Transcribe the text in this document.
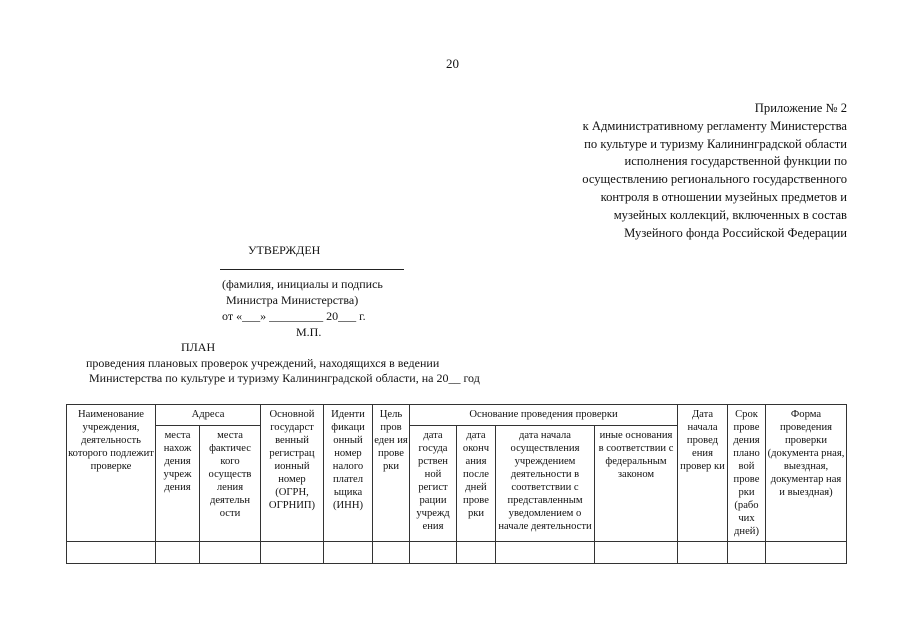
20
Приложение № 2
к Административному регламенту Министерства
по культуре и туризму Калининградской области
исполнения государственной функции по
осуществлению регионального государственного
контроля в отношении музейных предметов и
музейных коллекций, включенных в состав
Музейного фонда Российской Федерации
УТВЕРЖДЕН
(фамилия, инициалы и подпись
Министра Министерства)
от «___» _________ 20___ г.
М.П.
ПЛАН
проведения плановых проверок учреждений, находящихся в ведении
Министерства по культуре и туризму Калининградской области, на 20__ год
Наименование учреждения, деятельность которого подлежит проверке	Адреса		Основной государст венный регистрац ионный номер (ОГРН, ОГРНИП)	Иденти фикаци онный номер налого плател ьщика (ИНН)	Цель пров еден ия прове рки	Основание проведения проверки				Дата начала провед ения провер ки	Срок прове дения плано вой прове рки (рабо чих дней)	Форма проведения проверки (документа рная, выездная, документар ная и выездная)
	места нахож дения учреж дения	места фактичес кого осуществ ления деятельн ости				дата госуда рствен ной регист рации учрежд ения	дата оконч ания после дней прове рки	дата начала осуществления учреждением деятельности в соответствии с представленным уведомлением о начале деятельности	иные основания в соответствии с федеральным законом			
